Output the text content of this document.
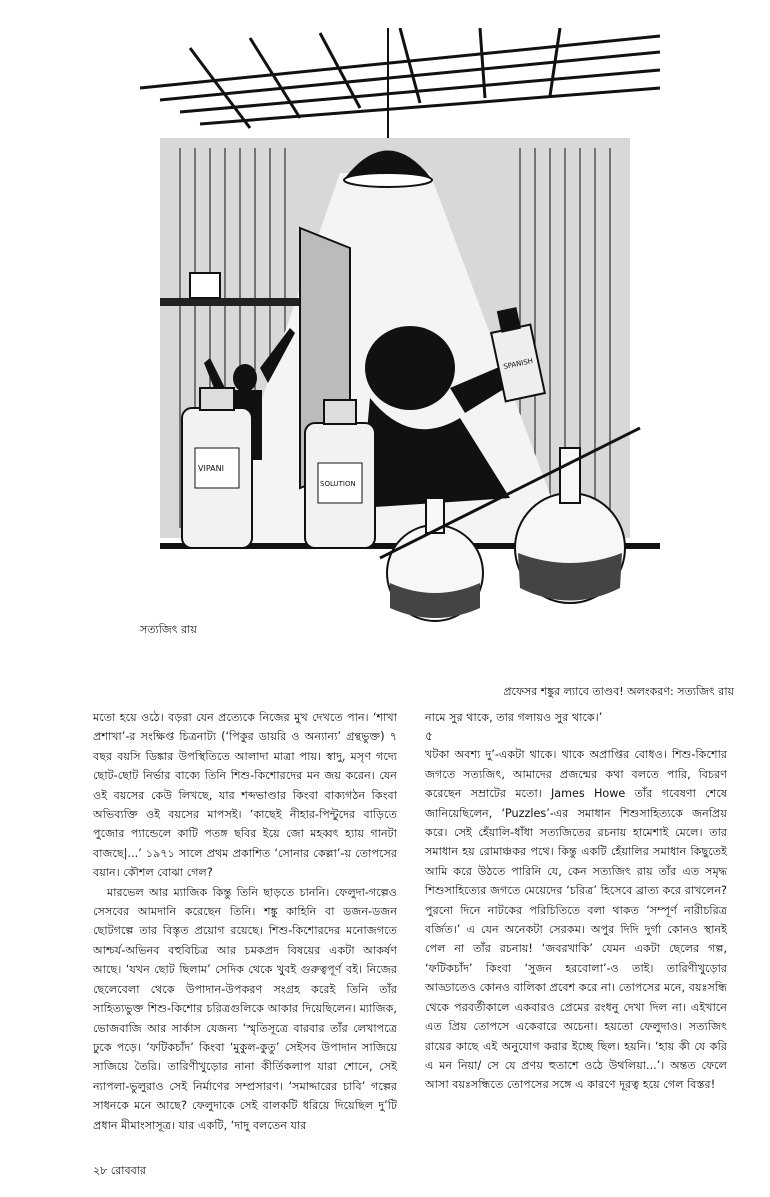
SPANISH
VIPANI
SOLUTION
সত্যজিৎ রায়
প্রফেসর শঙ্কুর ল্যাবে তাণ্ডব! অলংকরণ: সত্যজিৎ রায়

মতো হয়ে ওঠে। বড়রা যেন প্রত্যেকে নিজের মুখ দেখতে পান। ‘শাখা প্রশাখা’-র সংক্ষিপ্ত চিত্রনাট্য (‘পিকুর ডায়রি ও অন্যান্য’ গ্রন্থভুক্ত) ৭ বছর বয়সি ডিঙ্কার উপস্থিতিতে আলাদা মাত্রা পায়। স্বাদু, মসৃণ গদ্যে ছোট-ছোট নির্ভার বাক্যে তিনি শিশু-কিশোরদের মন জয় করেন। যেন ওই বয়সের কেউ লিখছে, যার শব্দভাণ্ডার কিংবা বাক্যগঠন কিংবা অভিব্যক্তি ওই বয়সের মাপসই। ‘কাছেই নীহার-পিন্টুদের বাড়িতে পুজোর প্যান্ডেলে কাটি পতঙ্গ ছবির ইয়ে জো মহব্বৎ হ্যায় গানটা বাজছে|...’ ১৯৭১ সালে প্রথম প্রকাশিত ‘সোনার কেল্লা’-য় তোপসের বয়ান। কৌশল বোঝা গেল?

মারভেল আর ম্যাজিক কিন্তু তিনি ছাড়তে চাননি। ফেলুদা-গল্পেও সেসবের আমদানি করেছেন তিনি। শঙ্কু কাহিনি বা ডজন-ডজন ছোটগল্পে তার বিস্তৃত প্রয়োগ রয়েছে। শিশু-কিশোরদের মনোজগতে আশ্চর্য-অভিনব বহুবিচিত্র আর চমকপ্রদ বিষয়ের একটা আকর্ষণ আছে। ‘যখন ছোট ছিলাম’ সেদিক থেকে খুবই গুরুত্বপূর্ণ বই। নিজের ছেলেবেলা থেকে উপাদান-উপকরণ সংগ্রহ করেই তিনি তাঁর সাহিত্যভুক্ত শিশু-কিশোর চরিত্রগুলিকে আকার দিয়েছিলেন। ম্যাজিক, ভোজবাজি আর সার্কাস যেজন্য ‘স্মৃতিসূত্রে বারবার তাঁর লেখাপত্রে ঢুকে পড়ে। ‘ফটিকচাঁদ’ কিংবা ‘মুকুল-কুতু’ সেইসব উপাদান সাজিয়ে সাজিয়ে তৈরি। তারিণীখুড়োর নানা কীর্তিকলাপ যারা শোনে, সেই ন্যাপলা-ভুলুরাও সেই নির্মাণের সম্প্রসারণ। ‘সমাদ্দারের চাবি’ গল্পের সাধনকে মনে আছে? ফেলুদাকে সেই বালকটি ধরিয়ে দিয়েছিল দু’টি প্রধান মীমাংসাসূত্র। যার একটি, ‘দাদু বলতেন যার

নামে সুর থাকে, তার গলায়ও সুর থাকে।’

৫

খটকা অবশ্য দু’-একটা থাকে। থাকে অপ্রাপ্তির বোধও। শিশু-কিশোর জগতে সত্যজিৎ, আমাদের প্রজন্মের কথা বলতে পারি, বিচরণ করেছেন সম্রাটের মতো। James Howe তাঁর গবেষণা শেষে জানিয়েছিলেন, ‘Puzzles’-এর সমাধান শিশুসাহিত্যকে জনপ্রিয় করে। সেই হেঁয়ালি-ধাঁধা সত্যজিতের রচনায় হামেশাই মেলে। তার সমাধান হয় রোমাঞ্চকর পথে। কিন্তু একটি হেঁয়ালির সমাধান কিছুতেই আমি করে উঠতে পারিনি যে, কেন সত্যজিৎ রায় তাঁর এত সমৃদ্ধ শিশুসাহিত্যের জগতে মেয়েদের ‘চরিত্র’ হিসেবে ব্রাত্য করে রাখলেন? পুরনো দিনে নাটকের পরিচিতিতে বলা থাকত ‘সম্পূর্ণ নারীচরিত্র বর্জিত।’ এ যেন অনেকটা সেরকম। অপুর দিদি দুর্গা কোনও স্থানই পেল না তাঁর রচনায়! ‘জবরখাকি’ যেমন একটা ছেলের গল্প, ‘ফটিকচাঁদ’ কিংবা ‘সুজন হরবোলা’-ও তাই। তারিণীখুড়োর আড্ডাতেও কোনও বালিকা প্রবেশ করে না। তোপসের মনে, বয়ঃসন্ধি থেকে পরবর্তীকালে একবারও প্রেমের রংধনু দেখা দিল না। এইখানে এত প্রিয় তোপসে একেবারে অচেনা। হয়তো ফেলুদাও। সত্যজিৎ রায়ের কাছে এই অনুযোগ করার ইচ্ছে ছিল। হয়নি। ‘হায় কী যে করি এ মন নিয়া/ সে যে প্রণয় হুতাশে ওঠে উথলিয়া...’। অন্তত ফেলে আসা বয়ঃসন্ধিতে তোপসের সঙ্গে এ কারণে দূরত্ব হয়ে গেল বিস্তর!

২৮ রোববার
